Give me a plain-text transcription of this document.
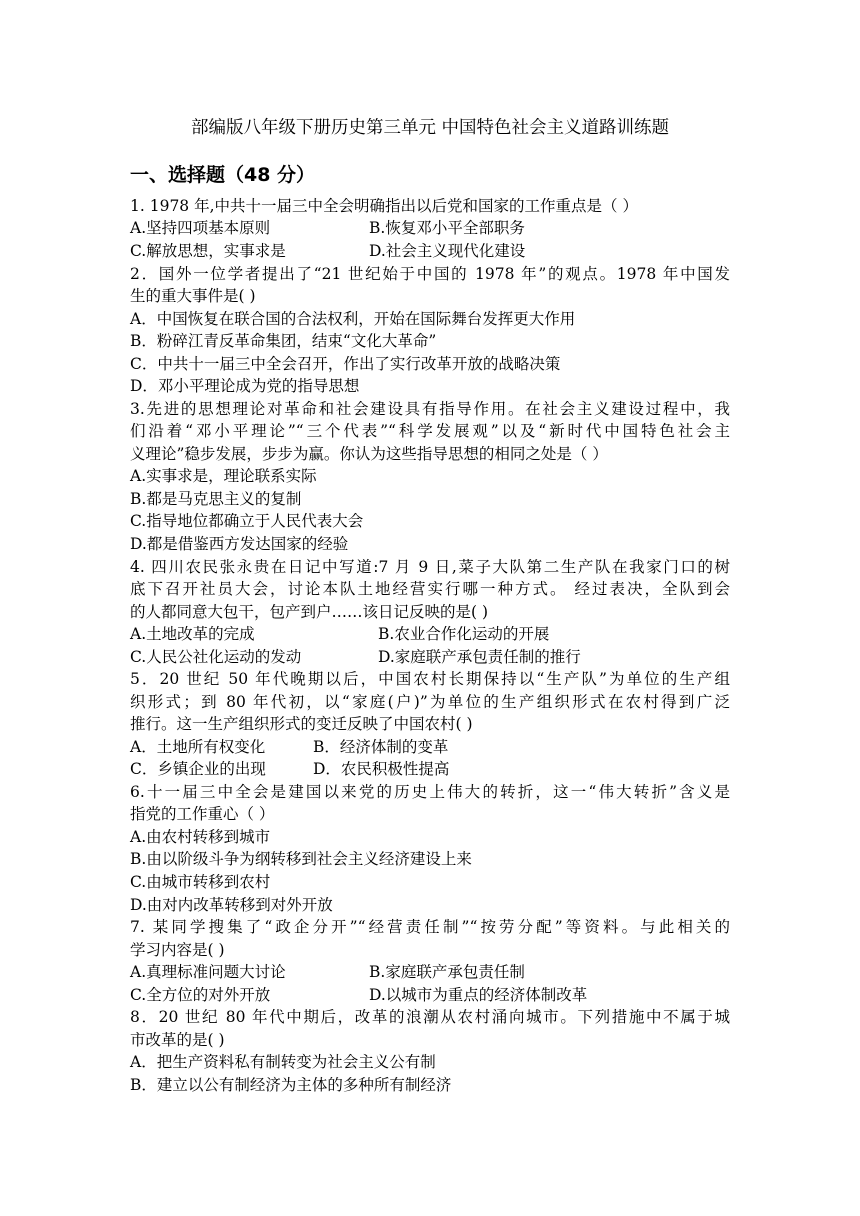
部编版八年级下册历史第三单元 中国特色社会主义道路训练题
一、选择题（48 分）
1. 1978 年,中共十一届三中全会明确指出以后党和国家的工作重点是（ ）
A.坚持四项基本原则	B.恢复邓小平全部职务
C.解放思想，实事求是	D.社会主义现代化建设
2．国外一位学者提出了“21 世纪始于中国的 1978 年”的观点。1978 年中国发
生的重大事件是( )
A．中国恢复在联合国的合法权利，开始在国际舞台发挥更大作用
B．粉碎江青反革命集团，结束“文化大革命”
C．中共十一届三中全会召开，作出了实行改革开放的战略决策
D．邓小平理论成为党的指导思想
3.先进的思想理论对革命和社会建设具有指导作用。在社会主义建设过程中，我
们沿着“邓小平理论”“三个代表”“科学发展观”以及“新时代中国特色社会主
义理论”稳步发展，步步为赢。你认为这些指导思想的相同之处是（ ）
A.实事求是，理论联系实际
B.都是马克思主义的复制
C.指导地位都确立于人民代表大会
D.都是借鉴西方发达国家的经验
4. 四川农民张永贵在日记中写道:7 月 9 日,菜子大队第二生产队在我家门口的树
底下召开社员大会，讨论本队土地经营实行哪一种方式。 经过表决，全队到会
的人都同意大包干，包产到户……该日记反映的是( )
A.土地改革的完成	B.农业合作化运动的开展
C.人民公社化运动的发动	D.家庭联产承包责任制的推行
5．20 世纪 50 年代晚期以后，中国农村长期保持以“生产队”为单位的生产组
织形式；到 80 年代初，以“家庭(户)”为单位的生产组织形式在农村得到广泛
推行。这一生产组织形式的变迁反映了中国农村( )
A．土地所有权变化	B．经济体制的变革
C．乡镇企业的出现	D．农民积极性提高
6.十一届三中全会是建国以来党的历史上伟大的转折，这一“伟大转折”含义是
指党的工作重心（ ）
A.由农村转移到城市
B.由以阶级斗争为纲转移到社会主义经济建设上来
C.由城市转移到农村
D.由对内改革转移到对外开放
7. 某同学搜集了“政企分开”“经营责任制”“按劳分配”等资料。与此相关的
学习内容是( )
A.真理标准问题大讨论	B.家庭联产承包责任制
C.全方位的对外开放	D.以城市为重点的经济体制改革
8．20 世纪 80 年代中期后，改革的浪潮从农村涌向城市。下列措施中不属于城
市改革的是( )
A．把生产资料私有制转变为社会主义公有制
B．建立以公有制经济为主体的多种所有制经济
